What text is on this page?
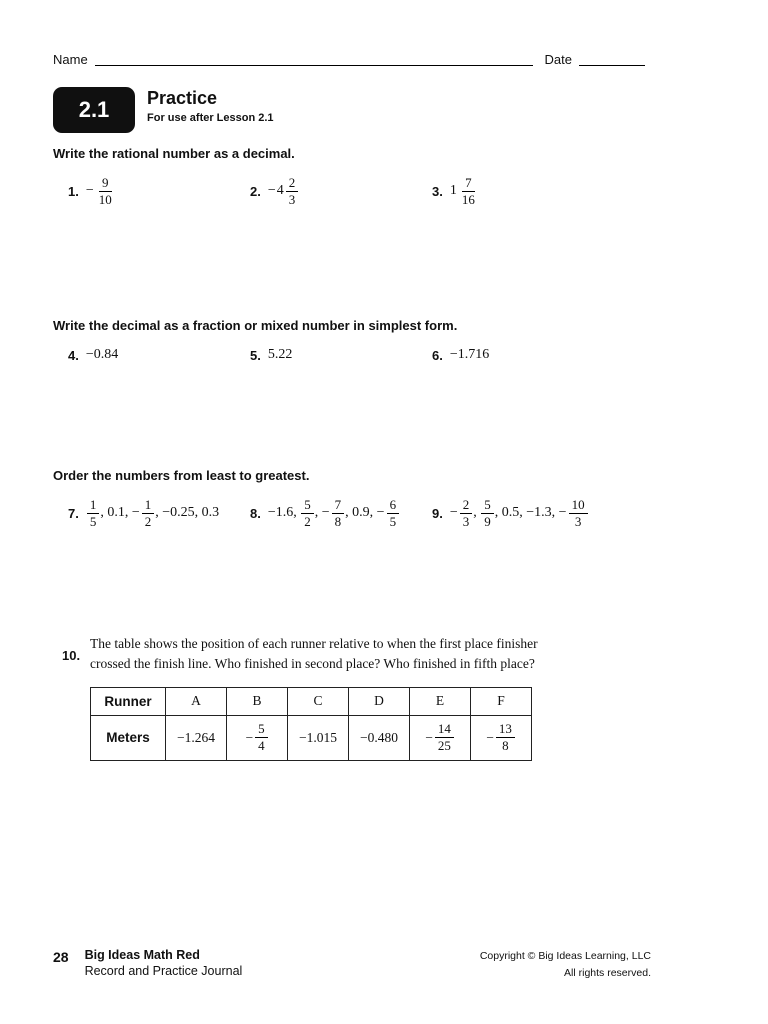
Name	Date
2.1	Practice
For use after Lesson 2.1
Write the rational number as a decimal.
1. − $\frac{9}{10}$	2. − $4 \frac{2}{3}$	3. $1 \frac{7}{16}$
Write the decimal as a fraction or mixed number in simplest form.
4. −0.84	5. 5.22	6. −1.716
Order the numbers from least to greatest.
7. $\frac{1}{5}$ , 0.1, − $\frac{1}{2}$ , −0.25, 0.3 8. −1.6, $\frac{5}{2}$ , − $\frac{7}{8}$ , 0.9, − $\frac{6}{5}$	9. − $\frac{2}{3}$ , $\frac{5}{9}$ , 0.5, −1.3, − $\frac{10}{3}$
10.
The table shows the position of each runner relative to when the first place finisher crossed the finish line. Who finished in second place? Who finished in fifth place?
Runner	A	B	C	D	E	F
Meters	−1.264	− $\frac{5}{4}$	−1.015	−0.480	− $\frac{14}{25}$	− $\frac{13}{8}$
28 Big Ideas Math Red
Record and Practice Journal
Copyright © Big Ideas Learning, LLC
All rights reserved.
